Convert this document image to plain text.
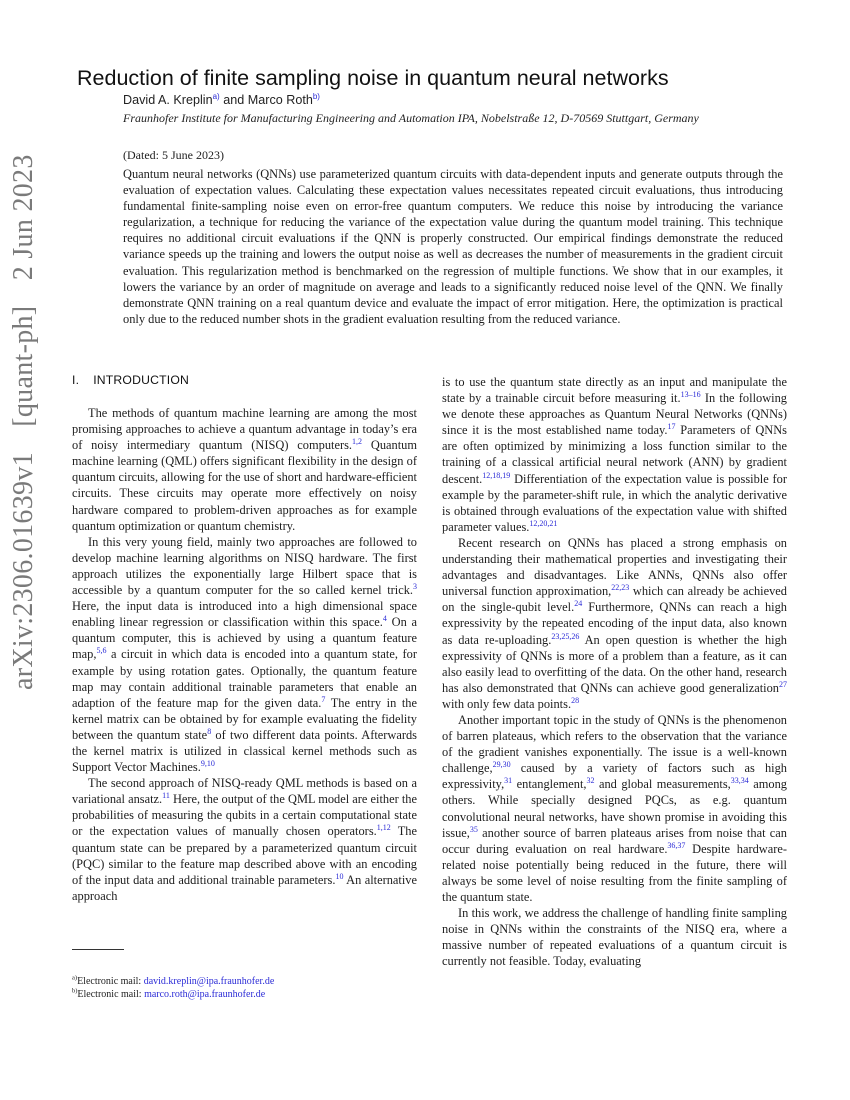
arXiv:2306.01639v1 [quant-ph] 2 Jun 2023
Reduction of finite sampling noise in quantum neural networks
David A. Kreplin$^{a)}$ and Marco Roth$^{b)}$
Fraunhofer Institute for Manufacturing Engineering and Automation IPA, Nobelstraße 12, D-70569 Stuttgart, Germany
(Dated: 5 June 2023)
Quantum neural networks (QNNs) use parameterized quantum circuits with data-dependent inputs and generate outputs through the evaluation of expectation values. Calculating these expectation values necessitates repeated circuit evaluations, thus introducing fundamental finite-sampling noise even on error-free quantum computers. We reduce this noise by introducing the variance regularization, a technique for reducing the variance of the expectation value during the quantum model training. This technique requires no additional circuit evaluations if the QNN is properly constructed. Our empirical findings demonstrate the reduced variance speeds up the training and lowers the output noise as well as decreases the number of measurements in the gradient circuit evaluation. This regularization method is benchmarked on the regression of multiple functions. We show that in our examples, it lowers the variance by an order of magnitude on average and leads to a significantly reduced noise level of the QNN. We finally demonstrate QNN training on a real quantum device and evaluate the impact of error mitigation. Here, the optimization is practical only due to the reduced number shots in the gradient evaluation resulting from the reduced variance.
I. INTRODUCTION

The methods of quantum machine learning are among the most promising approaches to achieve a quantum advantage in today’s era of noisy intermediary quantum (NISQ) computers.$^{1,2}$ Quantum machine learning (QML) offers significant flexibility in the design of quantum circuits, allowing for the use of short and hardware-efficient circuits. These circuits may operate more effectively on noisy hardware compared to problem-driven approaches as for example quantum optimization or quantum chemistry.

In this very young field, mainly two approaches are followed to develop machine learning algorithms on NISQ hardware. The first approach utilizes the exponentially large Hilbert space that is accessible by a quantum computer for the so called kernel trick.$^3$ Here, the input data is introduced into a high dimensional space enabling linear regression or classification within this space.$^4$ On a quantum computer, this is achieved by using a quantum feature map,$^{5,6}$ a circuit in which data is encoded into a quantum state, for example by using rotation gates. Optionally, the quantum feature map may contain additional trainable parameters that enable an adaption of the feature map for the given data.$^7$ The entry in the kernel matrix can be obtained by for example evaluating the fidelity between the quantum state$^8$ of two different data points. Afterwards the kernel matrix is utilized in classical kernel methods such as Support Vector Machines.$^{9,10}$

The second approach of NISQ-ready QML methods is based on a variational ansatz.$^{11}$ Here, the output of the QML model are either the probabilities of measuring the qubits in a certain computational state or the expectation values of manually chosen operators.$^{1,12}$ The quantum state can be prepared by a parameterized quantum circuit (PQC) similar to the feature map described above with an encoding of the input data and additional trainable parameters.$^{10}$ An alternative approach

is to use the quantum state directly as an input and manipulate the state by a trainable circuit before measuring it.$^{13-16}$ In the following we denote these approaches as Quantum Neural Networks (QNNs) since it is the most established name today.$^{17}$ Parameters of QNNs are often optimized by minimizing a loss function similar to the training of a classical artificial neural network (ANN) by gradient descent.$^{12,18,19}$ Differentiation of the expectation value is possible for example by the parameter-shift rule, in which the analytic derivative is obtained through evaluations of the expectation value with shifted parameter values.$^{12,20,21}$

Recent research on QNNs has placed a strong emphasis on understanding their mathematical properties and investigating their advantages and disadvantages. Like ANNs, QNNs also offer universal function approximation,$^{22,23}$ which can already be achieved on the single-qubit level.$^{24}$ Furthermore, QNNs can reach a high expressivity by the repeated encoding of the input data, also known as data re-uploading.$^{23,25,26}$ An open question is whether the high expressivity of QNNs is more of a problem than a feature, as it can also easily lead to overfitting of the data. On the other hand, research has also demonstrated that QNNs can achieve good generalization$^{27}$ with only few data points.$^{28}$

Another important topic in the study of QNNs is the phenomenon of barren plateaus, which refers to the observation that the variance of the gradient vanishes exponentially. The issue is a well-known challenge,$^{29,30}$ caused by a variety of factors such as high expressivity,$^{31}$ entanglement,$^{32}$ and global measurements,$^{33,34}$ among others. While specially designed PQCs, as e.g. quantum convolutional neural networks, have shown promise in avoiding this issue,$^{35}$ another source of barren plateaus arises from noise that can occur during evaluation on real hardware.$^{36,37}$ Despite hardware-related noise potentially being reduced in the future, there will always be some level of noise resulting from the finite sampling of the quantum state.

In this work, we address the challenge of handling finite sampling noise in QNNs within the constraints of the NISQ era, where a massive number of repeated evaluations of a quantum circuit is currently not feasible. Today, evaluating

$^{a)}$Electronic mail: david.kreplin@ipa.fraunhofer.de
$^{b)}$Electronic mail: marco.roth@ipa.fraunhofer.de
